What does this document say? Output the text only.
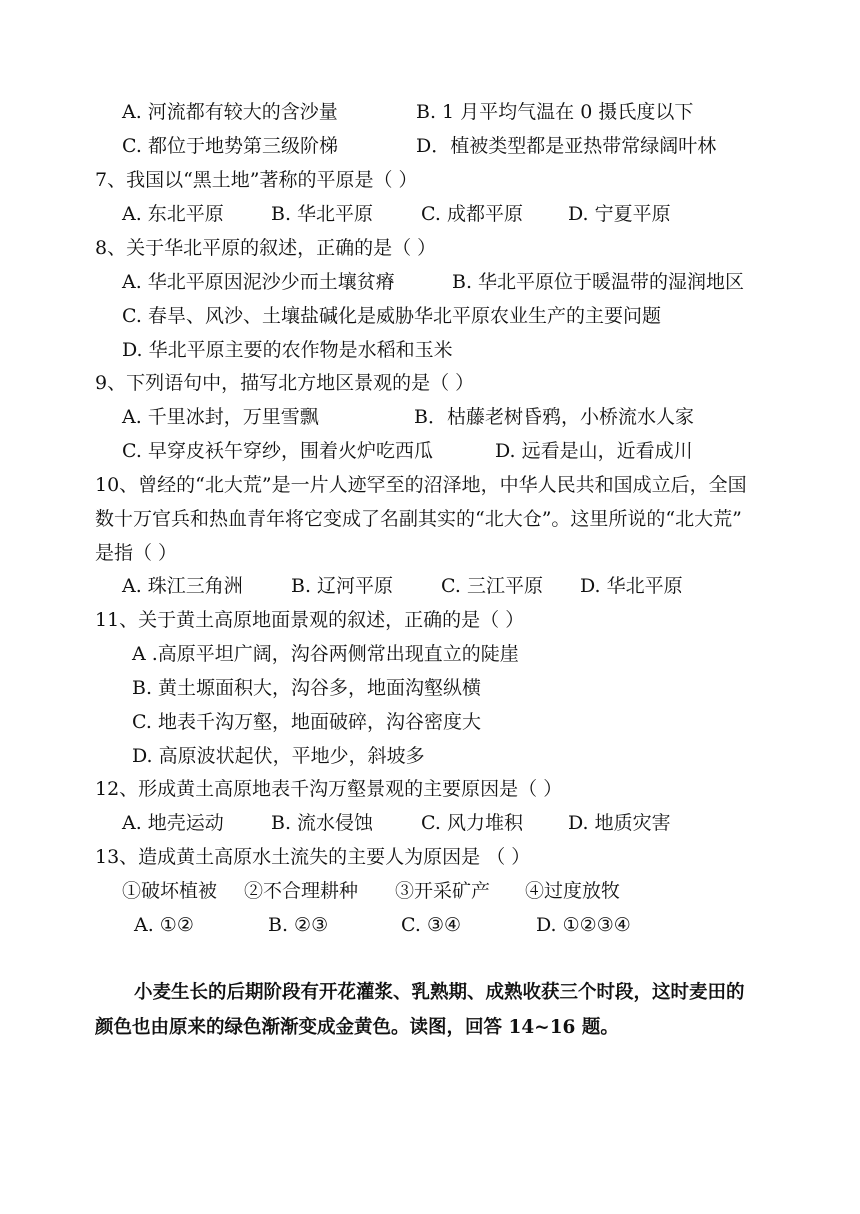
A. 河流都有较大的含沙量	B. 1 月平均气温在 0 摄氏度以下
C. 都位于地势第三级阶梯	D．植被类型都是亚热带常绿阔叶林
7、我国以“黑土地”著称的平原是（ ）
A. 东北平原 B. 华北平原	C. 成都平原 D. 宁夏平原
8、关于华北平原的叙述，正确的是（ ）
A. 华北平原因泥沙少而土壤贫瘠	B. 华北平原位于暖温带的湿润地区
C. 春旱、风沙、土壤盐碱化是威胁华北平原农业生产的主要问题
D. 华北平原主要的农作物是水稻和玉米
9、下列语句中，描写北方地区景观的是（ ）
A. 千里冰封，万里雪飘	B．枯藤老树昏鸦，小桥流水人家
C. 早穿皮袄午穿纱，围着火炉吃西瓜	D. 远看是山，近看成川
10、曾经的“北大荒”是一片人迹罕至的沼泽地，中华人民共和国成立后，全国
数十万官兵和热血青年将它变成了名副其实的“北大仓”。这里所说的“北大荒”
是指（ ）
A. 珠江三角洲	B. 辽河平原	C. 三江平原 D. 华北平原
11、关于黄土高原地面景观的叙述，正确的是（ ）
A .高原平坦广阔，沟谷两侧常出现直立的陡崖
B. 黄土塬面积大，沟谷多，地面沟壑纵横
C. 地表千沟万壑，地面破碎，沟谷密度大
D. 高原波状起伏，平地少，斜坡多
12、形成黄土高原地表千沟万壑景观的主要原因是（ ）
A. 地壳运动 B. 流水侵蚀	C. 风力堆积 D. 地质灾害
13、造成黄土高原水土流失的主要人为原因是 （ ）
①破坏植被 ②不合理耕种 ③开采矿产 ④过度放牧
A. ①②	B. ②③	C. ③④	D. ①②③④
小麦生长的后期阶段有开花灌浆、乳熟期、成熟收获三个时段，这时麦田的
颜色也由原来的绿色渐渐变成金黄色。读图，回答 14~16 题。
